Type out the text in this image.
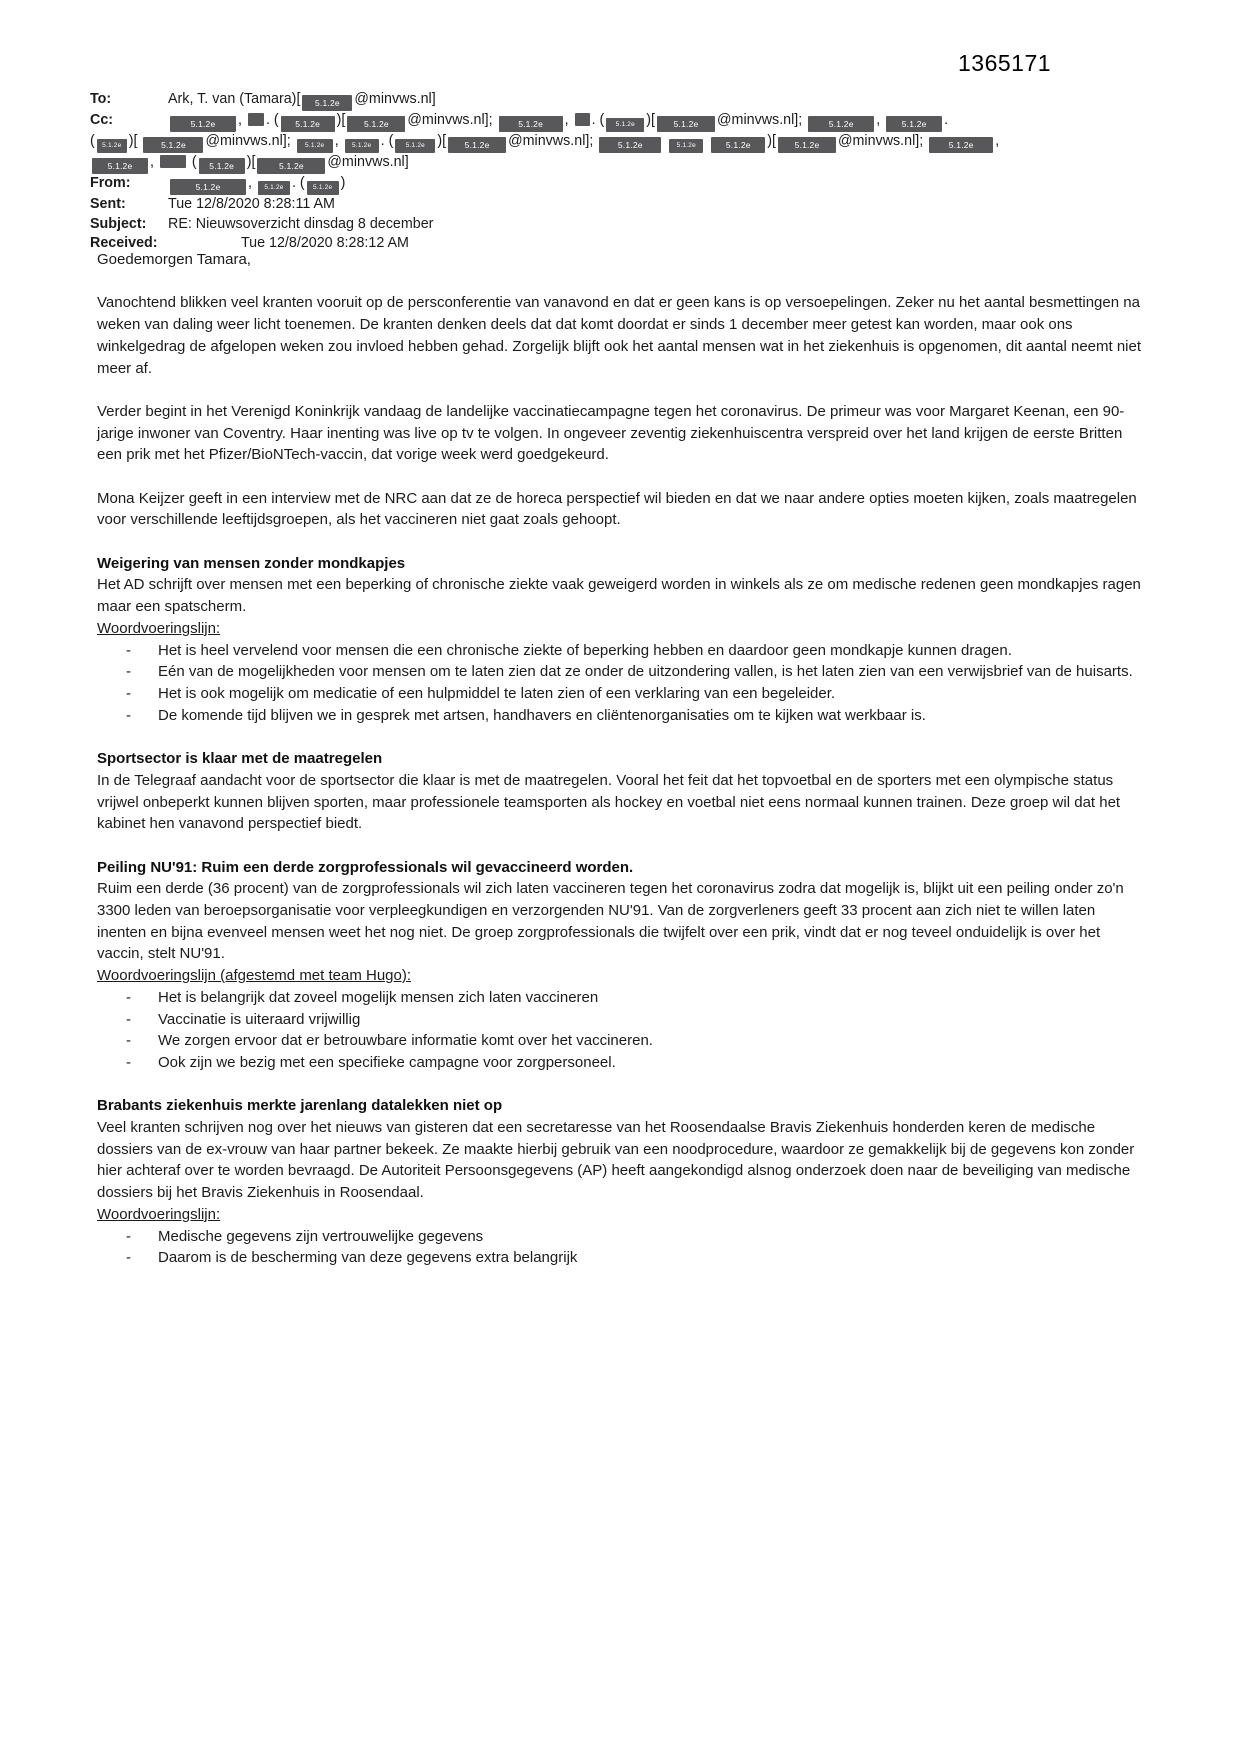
1365171
To:	Ark, T. van (Tamara)[ 5.1.2e @minvws.nl]
Cc:	5.1.2e , . ( 5.1.2e )[ 5.1.2e @minvws.nl];	5.1.2e , . ( 5.1.2e )[ 5.1.2e @minvws.nl];	5.1.2e , 5.1.2e .
( 5.1.2e )[ 5.1.2e @minvws.nl]; 5.1.2e , 5.1.2e . ( 5.1.2e )[ 5.1.2e @minvws.nl]; 5.1.2e	5.1.2e	5.1.2e )[ 5.1.2e @minvws.nl];	5.1.2e ,
5.1.2e ,  ( 5.1.2e )[	5.1.2e @minvws.nl]
From:	5.1.2e , 5.1.2e . ( 5.1.2e )
Sent:	Tue 12/8/2020 8:28:11 AM
Subject: RE: Nieuwsoverzicht dinsdag 8 december
Received:	Tue 12/8/2020 8:28:12 AM

Goedemorgen Tamara,

Vanochtend blikken veel kranten vooruit op de persconferentie van vanavond en dat er geen kans is op versoepelingen. Zeker nu het aantal besmettingen na weken van daling weer licht toenemen. De kranten denken deels dat dat komt doordat er sinds 1 december meer getest kan worden, maar ook ons winkelgedrag de afgelopen weken zou invloed hebben gehad. Zorgelijk blijft ook het aantal mensen wat in het ziekenhuis is opgenomen, dit aantal neemt niet meer af.

Verder begint in het Verenigd Koninkrijk vandaag de landelijke vaccinatiecampagne tegen het coronavirus. De primeur was voor Margaret Keenan, een 90-jarige inwoner van Coventry. Haar inenting was live op tv te volgen. In ongeveer zeventig ziekenhuiscentra verspreid over het land krijgen de eerste Britten een prik met het Pfizer/BioNTech-vaccin, dat vorige week werd goedgekeurd.

Mona Keijzer geeft in een interview met de NRC aan dat ze de horeca perspectief wil bieden en dat we naar andere opties moeten kijken, zoals maatregelen voor verschillende leeftijdsgroepen, als het vaccineren niet gaat zoals gehoopt.

Weigering van mensen zonder mondkapjes
Het AD schrijft over mensen met een beperking of chronische ziekte vaak geweigerd worden in winkels als ze om medische redenen geen mondkapjes ragen maar een spatscherm.
Woordvoeringslijn:
-	Het is heel vervelend voor mensen die een chronische ziekte of beperking hebben en daardoor geen mondkapje kunnen dragen.
-	Eén van de mogelijkheden voor mensen om te laten zien dat ze onder de uitzondering vallen, is het laten zien van een verwijsbrief van de huisarts.
-	Het is ook mogelijk om medicatie of een hulpmiddel te laten zien of een verklaring van een begeleider.
-	De komende tijd blijven we in gesprek met artsen, handhavers en cliëntenorganisaties om te kijken wat werkbaar is.
Sportsector is klaar met de maatregelen
In de Telegraaf aandacht voor de sportsector die klaar is met de maatregelen. Vooral het feit dat het topvoetbal en de sporters met een olympische status vrijwel onbeperkt kunnen blijven sporten, maar professionele teamsporten als hockey en voetbal niet eens normaal kunnen trainen. Deze groep wil dat het kabinet hen vanavond perspectief biedt.
Peiling NU'91: Ruim een derde zorgprofessionals wil gevaccineerd worden.
Ruim een derde (36 procent) van de zorgprofessionals wil zich laten vaccineren tegen het coronavirus zodra dat mogelijk is, blijkt uit een peiling onder zo'n 3300 leden van beroepsorganisatie voor verpleegkundigen en verzorgenden NU'91. Van de zorgverleners geeft 33 procent aan zich niet te willen laten inenten en bijna evenveel mensen weet het nog niet. De groep zorgprofessionals die twijfelt over een prik, vindt dat er nog teveel onduidelijk is over het vaccin, stelt NU'91.
Woordvoeringslijn (afgestemd met team Hugo):
-	Het is belangrijk dat zoveel mogelijk mensen zich laten vaccineren
-	Vaccinatie is uiteraard vrijwillig
-	We zorgen ervoor dat er betrouwbare informatie komt over het vaccineren.
-	Ook zijn we bezig met een specifieke campagne voor zorgpersoneel.
Brabants ziekenhuis merkte jarenlang datalekken niet op
Veel kranten schrijven nog over het nieuws van gisteren dat een secretaresse van het Roosendaalse Bravis Ziekenhuis honderden keren de medische dossiers van de ex-vrouw van haar partner bekeek. Ze maakte hierbij gebruik van een noodprocedure, waardoor ze gemakkelijk bij de gegevens kon zonder hier achteraf over te worden bevraagd. De Autoriteit Persoonsgegevens (AP) heeft aangekondigd alsnog onderzoek doen naar de beveiliging van medische dossiers bij het Bravis Ziekenhuis in Roosendaal.
Woordvoeringslijn:
-	Medische gegevens zijn vertrouwelijke gegevens
-	Daarom is de bescherming van deze gegevens extra belangrijk
